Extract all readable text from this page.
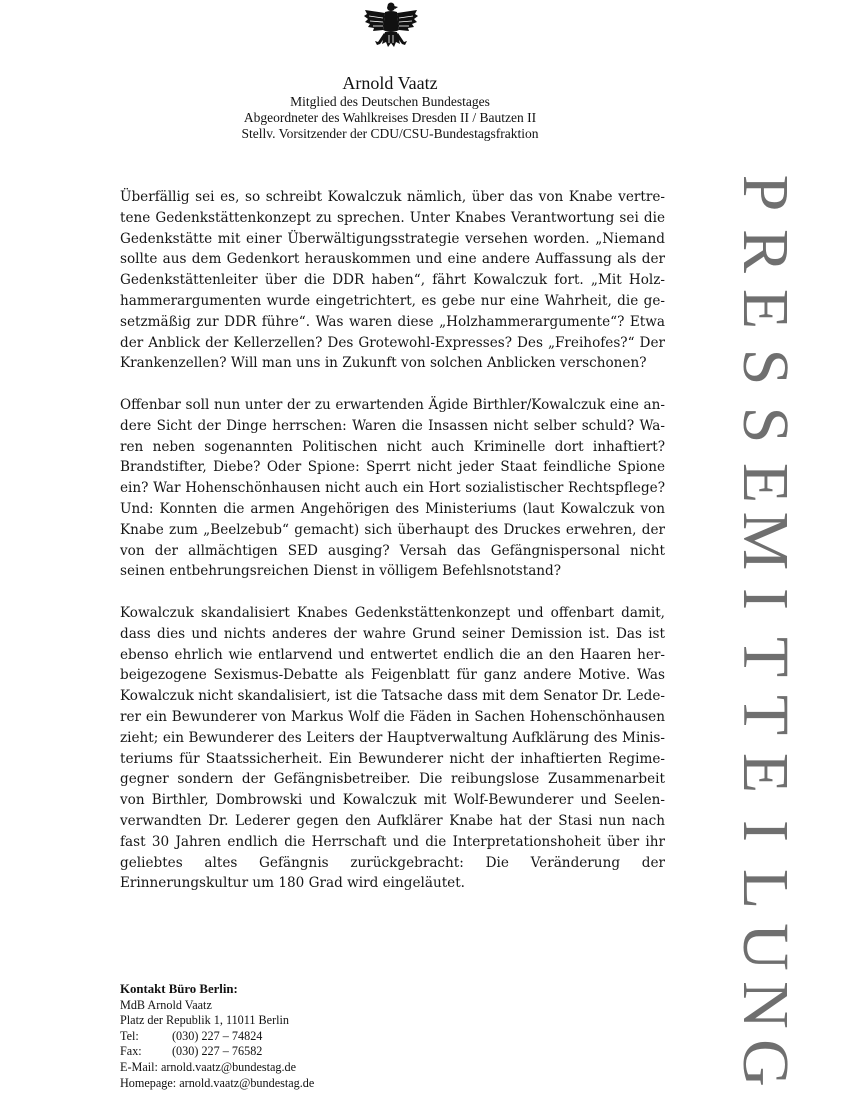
Arnold Vaatz
Mitglied des Deutschen Bundestages
Abgeordneter des Wahlkreises Dresden II / Bautzen II
Stellv. Vorsitzender der CDU/CSU-Bundestagsfraktion

Überfällig sei es, so schreibt Kowalczuk nämlich, über das von Knabe vertretene Gedenkstättenkonzept zu sprechen. Unter Knabes Verantwortung sei die Gedenkstätte mit einer Überwältigungsstrategie versehen worden. „Niemand sollte aus dem Gedenkort herauskommen und eine andere Auffassung als der Gedenkstättenleiter über die DDR haben“, fährt Kowalczuk fort. „Mit Holzhammerargumenten wurde eingetrichtert, es gebe nur eine Wahrheit, die gesetzmäßig zur DDR führe“. Was waren diese „Holzhammerargumente“? Etwa der Anblick der Kellerzellen? Des Grotewohl-Expresses? Des „Freihofes?“ Der Krankenzellen? Will man uns in Zukunft von solchen Anblicken verschonen?

Offenbar soll nun unter der zu erwartenden Ägide Birthler/Kowalczuk eine andere Sicht der Dinge herrschen: Waren die Insassen nicht selber schuld? Waren neben sogenannten Politischen nicht auch Kriminelle dort inhaftiert? Brandstifter, Diebe? Oder Spione: Sperrt nicht jeder Staat feindliche Spione ein? War Hohenschönhausen nicht auch ein Hort sozialistischer Rechtspflege? Und: Konnten die armen Angehörigen des Ministeriums (laut Kowalczuk von Knabe zum „Beelzebub“ gemacht) sich überhaupt des Druckes erwehren, der von der allmächtigen SED ausging? Versah das Gefängnispersonal nicht seinen entbehrungsreichen Dienst in völligem Befehlsnotstand?

Kowalczuk skandalisiert Knabes Gedenkstättenkonzept und offenbart damit, dass dies und nichts anderes der wahre Grund seiner Demission ist. Das ist ebenso ehrlich wie entlarvend und entwertet endlich die an den Haaren herbeigezogene Sexismus-Debatte als Feigenblatt für ganz andere Motive. Was Kowalczuk nicht skandalisiert, ist die Tatsache dass mit dem Senator Dr. Lederer ein Bewunderer von Markus Wolf die Fäden in Sachen Hohenschönhausen zieht; ein Bewunderer des Leiters der Hauptverwaltung Aufklärung des Ministeriums für Staatssicherheit. Ein Bewunderer nicht der inhaftierten Regimegegner sondern der Gefängnisbetreiber. Die reibungslose Zusammenarbeit von Birthler, Dombrowski und Kowalczuk mit Wolf-Bewunderer und Seelenverwandten Dr. Lederer gegen den Aufklärer Knabe hat der Stasi nun nach fast 30 Jahren endlich die Herrschaft und die Interpretationshoheit über ihr geliebtes altes Gefängnis zurückgebracht: Die Veränderung der Erinnerungskultur um 180 Grad wird eingeläutet.

Kontakt Büro Berlin:
MdB Arnold Vaatz
Platz der Republik 1, 11011 Berlin
Tel:	(030) 227 – 74824
Fax: (030) 227 – 76582
E-Mail: arnold.vaatz@bundestag.de
Homepage: arnold.vaatz@bundestag.de
P
R
E
S
S
E
M
I
T
T
E
I
L
U
N
G
